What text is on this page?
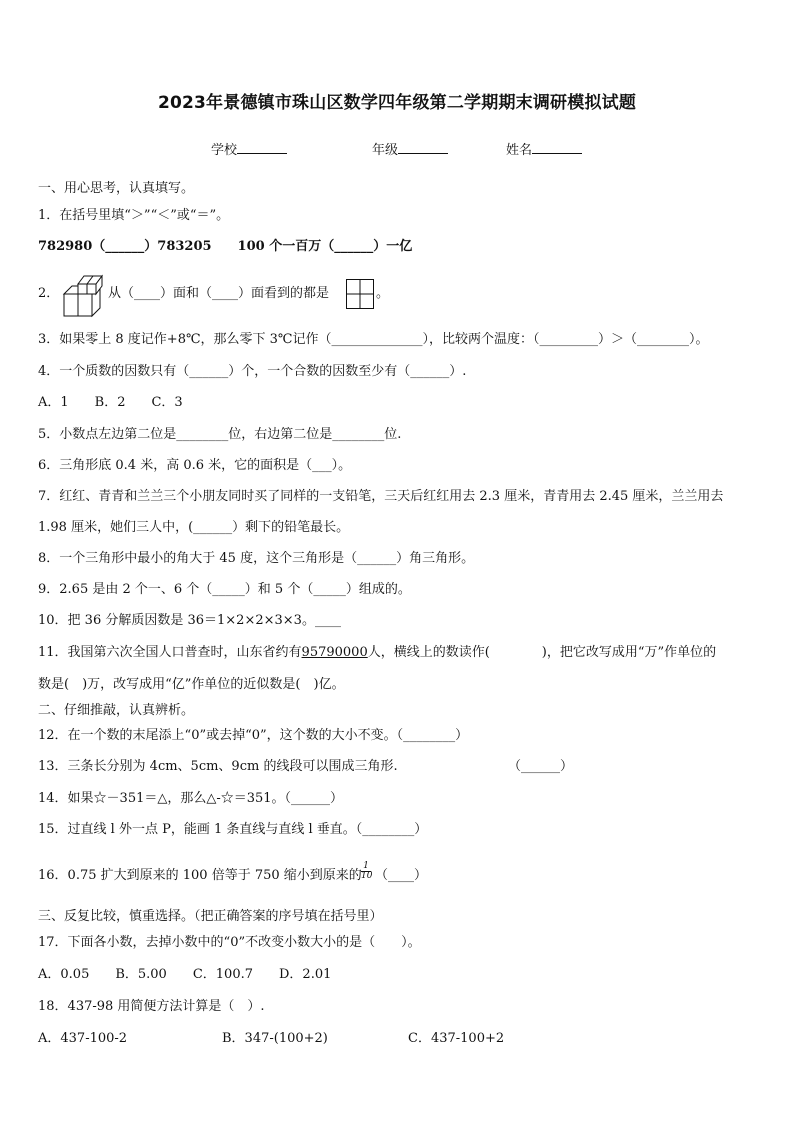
2023年景德镇市珠山区数学四年级第二学期期末调研模拟试题
学校	年级	姓名
一、用心思考，认真填写。
1．在括号里填“＞”“＜”或“＝”。
782980（______）783205　　100 个一百万（______）一亿
2．	从（____）面和（____）面看到的都是	。
3．如果零上 8 度记作+8℃，那么零下 3℃记作（______________），比较两个温度：（_________）＞（________）。
4．一个质数的因数只有（______）个，一个合数的因数至少有（______）.
A．1　　B．2　　C．3
5．小数点左边第二位是________位，右边第二位是________位.
6．三角形底 0.4 米，高 0.6 米，它的面积是（___）。
7．红红、青青和兰兰三个小朋友同时买了同样的一支铅笔，三天后红红用去 2.3 厘米，青青用去 2.45 厘米，兰兰用去
1.98 厘米，她们三人中，(______）剩下的铅笔最长。
8．一个三角形中最小的角大于 45 度，这个三角形是（______）角三角形。
9．2.65 是由 2 个一、6 个（_____）和 5 个（_____）组成的。
10．把 36 分解质因数是 36＝1×2×2×3×3。____
11．我国第六次全国人口普查时，山东省约有95790000人，横线上的数读作(　　　　)，把它改写成用“万”作单位的
数是(　)万，改写成用“亿”作单位的近似数是(　)亿。
二、仔细推敲，认真辨析。
12．在一个数的末尾添上“0”或去掉“0”，这个数的大小不变。（________）
13．三条长分别为 4cm、5cm、9cm 的线段可以围成三角形.	（______）
14．如果☆－351＝△，那么△-☆＝351。（______）
15．过直线 l 外一点 P，能画 1 条直线与直线 l 垂直。（________）
16．0.75 扩大到原来的 100 倍等于 750 缩小到原来的 $\frac{1}{10}$ （____）
三、反复比较，慎重选择。（把正确答案的序号填在括号里）
17．下面各小数，去掉小数中的“0”不改变小数大小的是（　　）。
A．0.05　　B．5.00　　C．100.7　　D．2.01
18．437-98 用简便方法计算是（　）.
A．437-100-2	B．347-(100+2)	C．437-100+2
